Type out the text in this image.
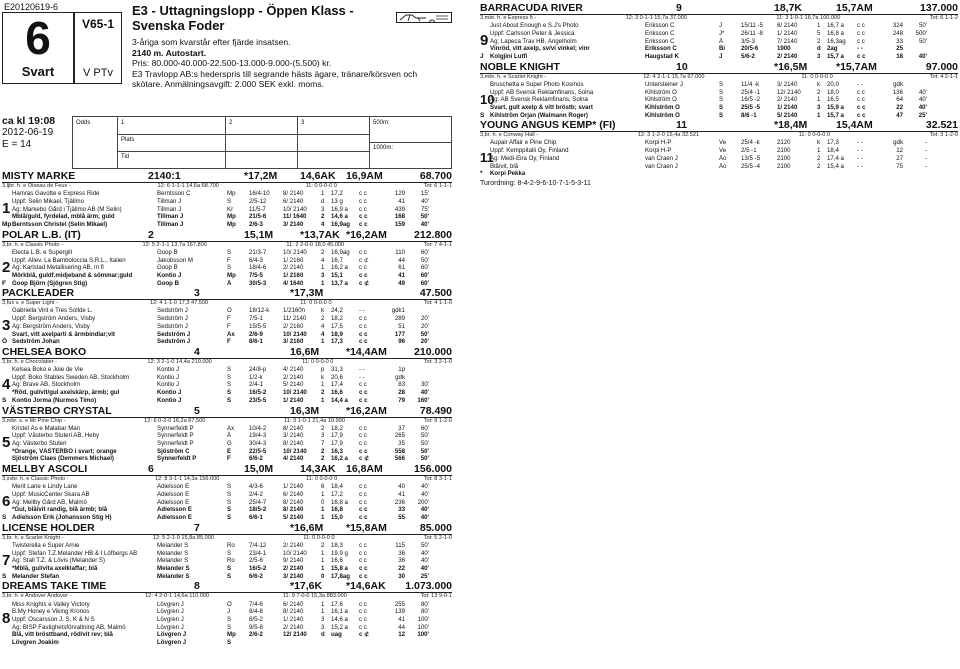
E20120619-6
6
Svart
V65-1
V PTv
E3 - Uttagningslopp - Öppen Klass -
Svenska Foder
3-åriga som kvarstår efter fjärde insatsen.
2140 m. Autostart.
Pris: 80.000-40.000-22.500-13.000-9.000-(5.500) kr.
E3 Travlopp AB:s hederspris till segrande hästs ägare, tränare/körsven och
skötare. Anmälningsavgift: 2.000 SEK exkl. moms.
ca kl 19:08
2012-06-19
E = 14
Odds	1	2	3	500m:
1000m:
Plats
Tid
MISTY MARKE	2140:1	*17,2M	14,6AK 16,9AM	68.700
3,ljbr. h. e Oiseau de Feux -	12: 6 1-1-1 14,6a 68.700	11: 0 0-0-0 0	Tot: 6 1-1-1
1
Mp
Hamras Gavotte e Express Ride	Berntsson C	Mp	16/4-10	8/ 2140	1	17,2	c c	129	15'
Uppf: Selin Mikael, Tjällmo	Tillman J	S	2/5-12	6/ 2140	d	13 g	c c	41	40'
Äg: Markebo Gård i Tjällmo AB (M Selin)	Tillman J	Kr	11/5-7	10/ 2140	3	16,9 a	c c	439	75'
Mblå/guld, fyrdelad, mblå ärm; guld	Tillman J	Mp	21/5-6	11/ 1640	2	14,6 a	c c	168	50'
Berntsson Christel (Selin Mikael)	Tillman J	Mp	2/6-3	3/ 2140	4	16,9ag	c c	159	40'
POLAR L.B. (IT)	2	15,1M	*13,7AK *16,2AM	212.800
3,br. h. e Classic Photo -	12: 5 2-1-1 13,7a 167.800	11: 2 2-0-0 18,0 45.000	Tot: 7 4-1-1
2
F
Electa L.B. e Supergill	Goop B	S	21/3-7	10/ 2140	2	16,9ag	c c	110	60'
Uppf: Allev. La Bamboloccia S.R.L., Italien	Jakobsson M	F	6/4-3	1/ 2160	4	16,7	c ⊄	44	50'
Äg: Karlstad Metallisering AB, m fl	Goop B	S	18/4-6	2/ 2140	1	16,2 a	c c	61	60'
Mörkblå, guldf.midjeband & sömmar;guld	Kontio J	Mp	7/5-5	1/ 2160	3	15,1	c c	41	60'
Goop Björn (Sjögren Stig)	Goop B	Å	30/5-3	4/ 1640	1	13,7 a	c ⊄	49	60'
PACKLEADER	3	*17,3M	47.500
3,fux v. e Super Light -	12: 4 1-1-0 17,3 47.500	11: 0 0-0-0 0	Tot: 4 1-1-0
3
Ö
Gabriella Vint e Tres Sollde L.	Sedström J	Ö	18/12-k	1/2160n	k	24,2	- -	gdk1
Uppf: Bergström Anders, Visby	Sedström J	F	7/5-1	11/ 2140	2	18,2	c c	289	20'
Äg: Bergström Anders, Visby	Sedström J	F	15/5-5	2/ 2160	4	17,5	c c	51	20'
Svart, vitt axelparti & ärmbindlar;vit	Sedström J	Ax	2/6-9	10/ 2140	4	18,9	c c	177	50'
Sedström Johan	Sedström J	F	8/6-1	3/ 2160	1	17,3	c c	96	20'
CHELSEA BOKO	4	16,6M	*14,4AM	210.000
3,br. h. e Chocolatier -	12: 3 2-1-0 14,4a 210.000	11: 0 0-0-0 0	Tot: 3 2-1-0
4
S
Kelsea Boko e Joie de Vie	Kontio J	S	24/8-p	4/ 2140	p	31,3	- -	1p
Uppf: Boko Stables Sweden AB, Stockholm	Kontio J	S	1/2-k	2/ 2140	k	20,6	- -	gdk
Äg: Brave AB, Stockholm	Kontio J	S	2/4-1	5/ 2140	1	17,4	c c	83	30'
*Röd, gul/vit/gul axelskärp, ärmb; gul	Kontio J	S	16/5-2	10/ 2140	2	16,6	c c	28	40'
Kontio Jorma (Nurmos Timo)	Kontio J	S	23/5-5	1/ 2140	1	14,4 a	c c	79	160'
VÄSTERBO CRYSTAL	5	16,3M	*16,2AM	78.490
3,mbr. s. e Mr Pine Chip -	12: 6 0-2-0 16,2a 67.500	11: 3 1-0-1 21,4a 10.990	Tot: 9 1-2-0
5
Kristel Äs e Malabar Man	Synnerfeldt P	Ax	10/4-2	8/ 2140	2	18,2	c c	37	60'
Uppf: Västerbo Stuteri AB, Heby	Synnerfeldt P	Å	19/4-3	3/ 2140	3	17,9	c c	265	50'
Äg: Västerbo Stuteri	Synnerfeldt P	G	30/4-3	8/ 2140	7	17,9	c c	35	50'
*Orange, VÄSTERBO i svart; orange	Sjöström C	E	22/5-5	10/ 2140	2	16,3	c c	558	50'
Sjöström Claes (Demmers Michael)	Synnerfeldt P	F	6/6-2	4/ 2140	2	16,2 a	c ⊄	566	50'
MELLBY ASCOLI	6	15,0M	14,3AK 16,8AM	156.000
3,svbr. h. e Classic Photo -	12: 8 3-1-1 14,3a 156.000	11: 0 0-0-0 0	Tot: 8 3-1-1
6
S
Merit Lane e Lindy Lane	Adielsson E	S	4/3-6	1/ 2140	6	18,4	c c	40	40'
Uppf: MusicCenter Skara AB	Adielsson E	S	2/4-2	6/ 2140	1	17,2	c c	41	40'
Äg: Mellby Gård AB, Malmö	Adielsson E	S	25/4-7	8/ 2140	0	16,8 a	c c	236	200'
*Gul, blå/vit randig, blå ärmb; blå	Adielsson E	S	18/5-2	8/ 2140	1	16,8	c c	33	40'
Adielsson Erik (Johansson Stig H)	Adielsson E	S	6/6-1	5/ 2140	1	15,0	c c	55	40'
LICENSE HOLDER	7	*16,6M	*15,8AM	85.000
3,br. h. e Scarlet Knight -	12: 5 2-1-0 15,8a 85.000	11: 0 0-0-0 0	Tot: 5 2-1-0
7
S
Twisterella e Super Arnie	Melander S	Ro	7/4-12	2/ 2140	2	18,3	c c	115	50'
Uppf: Stefan T.Z.Melander HB & I Löfbergs AB	Melander S	S	23/4-1	10/ 2140	1	19,9 g	c c	36	40'
Äg: Stall T.Z. & Lövis (Melander S)	Melander S	Ro	2/5-6	9/ 2140	1	16,6	c c	36	40'
*Mblå, gul/vita axelklaffar; blå	Melander S	S	16/5-2	2/ 2140	1	15,8 a	c c	22	40'
Melander Stefan	Melander S	S	6/6-2	3/ 2140	0	17,8ag	c c	30	25'
DREAMS TAKE TIME	8	*17,6K	*14,6AK	1.073.000
3,br. h. e Andover Andover -	12: 4 2-0-1 14,6a 110.000	11: 9 7-0-0 15,3a 883.000	Tot: 13 9-0-1
8
Miss Knights e Valley Victory	Lövgren J	Ö	7/4-6	6/ 2140	1	17,6	c c	255	80'
B.My Honey e Viking Kronos	Lövgren J	J	8/4-8	8/ 2140	1	16,1 a	c c	139	80'
Uppf: Oscarsson J, S, K & N S	Lövgren J	S	8/5-2	1/ 2140	3	14,6 a	c c	41	100'
Äg: BISP Fastighetsförvaltning AB, Malmö	Lövgren J	S	9/5-8	2/ 2140	3	15,2 a	c c	44	100'
Blå, vitt brösttband, röd/vit rev; blå	Lövgren J	Mp	2/6-2	12/ 2140	d	uag	c ⊄	12	100'
Lövgren Joakim	Lövgren J	S
BARRACUDA RIVER	9	18,7K	15,7AM	137.000
3,mbr. h. e Express It -	12: 3 0-1-1 15,7a 37.000	11: 3 1-0-1 16,7a 100.000	Tot: 6 1-1-2
9
J
Just About Enough e S.J's Photo	Eriksson C	J	15/11 -5	6/ 2140	1	16,7 a	c c	324	50'
Uppf: Carlsson Peter & Jessica	Eriksson C	J*	26/11 -8	1/ 2140	5	16,8 a	c c	248	500'
Äg: Lapeca Trav HB, Ängelholm	Eriksson C	Å	3/5-3	7/ 2140	2	16,3ag	c c	33	50'
Vinröd, vitt axelp, sv/vi vinkel; vinr	Eriksson C	Bi	20/5-6	1900	d	2ag	- -	25
Kolgjini Lutfi	Haugstad K	J	5/6-2	2/ 2140	3	15,7 a	c c	18	40'
NOBLE KNIGHT	10	*16,5M	*15,7AM	97.000
3,mbr. h. e Scarlet Knight -	12: 4 2-1-1 15,7a 97.000	11: 0 0-0-0 0	Tot: 4 2-1-1
10
S
Bruschetta e Super Photo Kosmos	Untersteiner J	S	11/4 -k	3/ 2140	k	20,0	- -	gdk
Uppf: AB Svensk Reklamfinans, Solna	Kihlström Ö	S	25/4 -1	12/ 2140	2	18,0	c c	136	40'
Äg: AB Svensk Reklamfinans, Solna	Kihlström Ö	S	16/5 -2	2/ 2140	1	16,5	c c	64	40'
Svart, gult axelp & vitt bröstb; svart	Kihlström Ö	S	25/5 -5	1/ 2140	3	15,9 a	c c	22	40'
Kihlström Örjan (Walmann Roger)	Kihlström Ö	S	8/6 -1	5/ 2140	1	15,7 a	c c	47	25'
YOUNG ANGUS KEMP* (FI)	11	*18,4M	15,4AM	32.521
3,br. h. e Conway Hall -	12: 3 1-2-0 15,4a 32.521	11: 0 0-0-0 0	Tot: 3 1-2-0
11
*
Aupair Affair e Pine Chip	Korpi H-P	Ve	25/4 -k	2120	k	17,3	- -	gdk	-
Uppf: Kemppitalli Oy, Finland	Korpi H-P	Ve	2/5 -1	2100	1	18,4	- -	12	-
Äg: Medi-Eira Oy, Finland	van Craen J	Åo	13/5 -5	2100	2	17,4 a	- -	27	-
Blå/vit, blå	van Craen J	Åo	25/5 -4	2100	2	15,4 a	- -	75	-
Korpi Pekka
Turordning: 8-4-2-9-6-10-7-1-5-3-11
